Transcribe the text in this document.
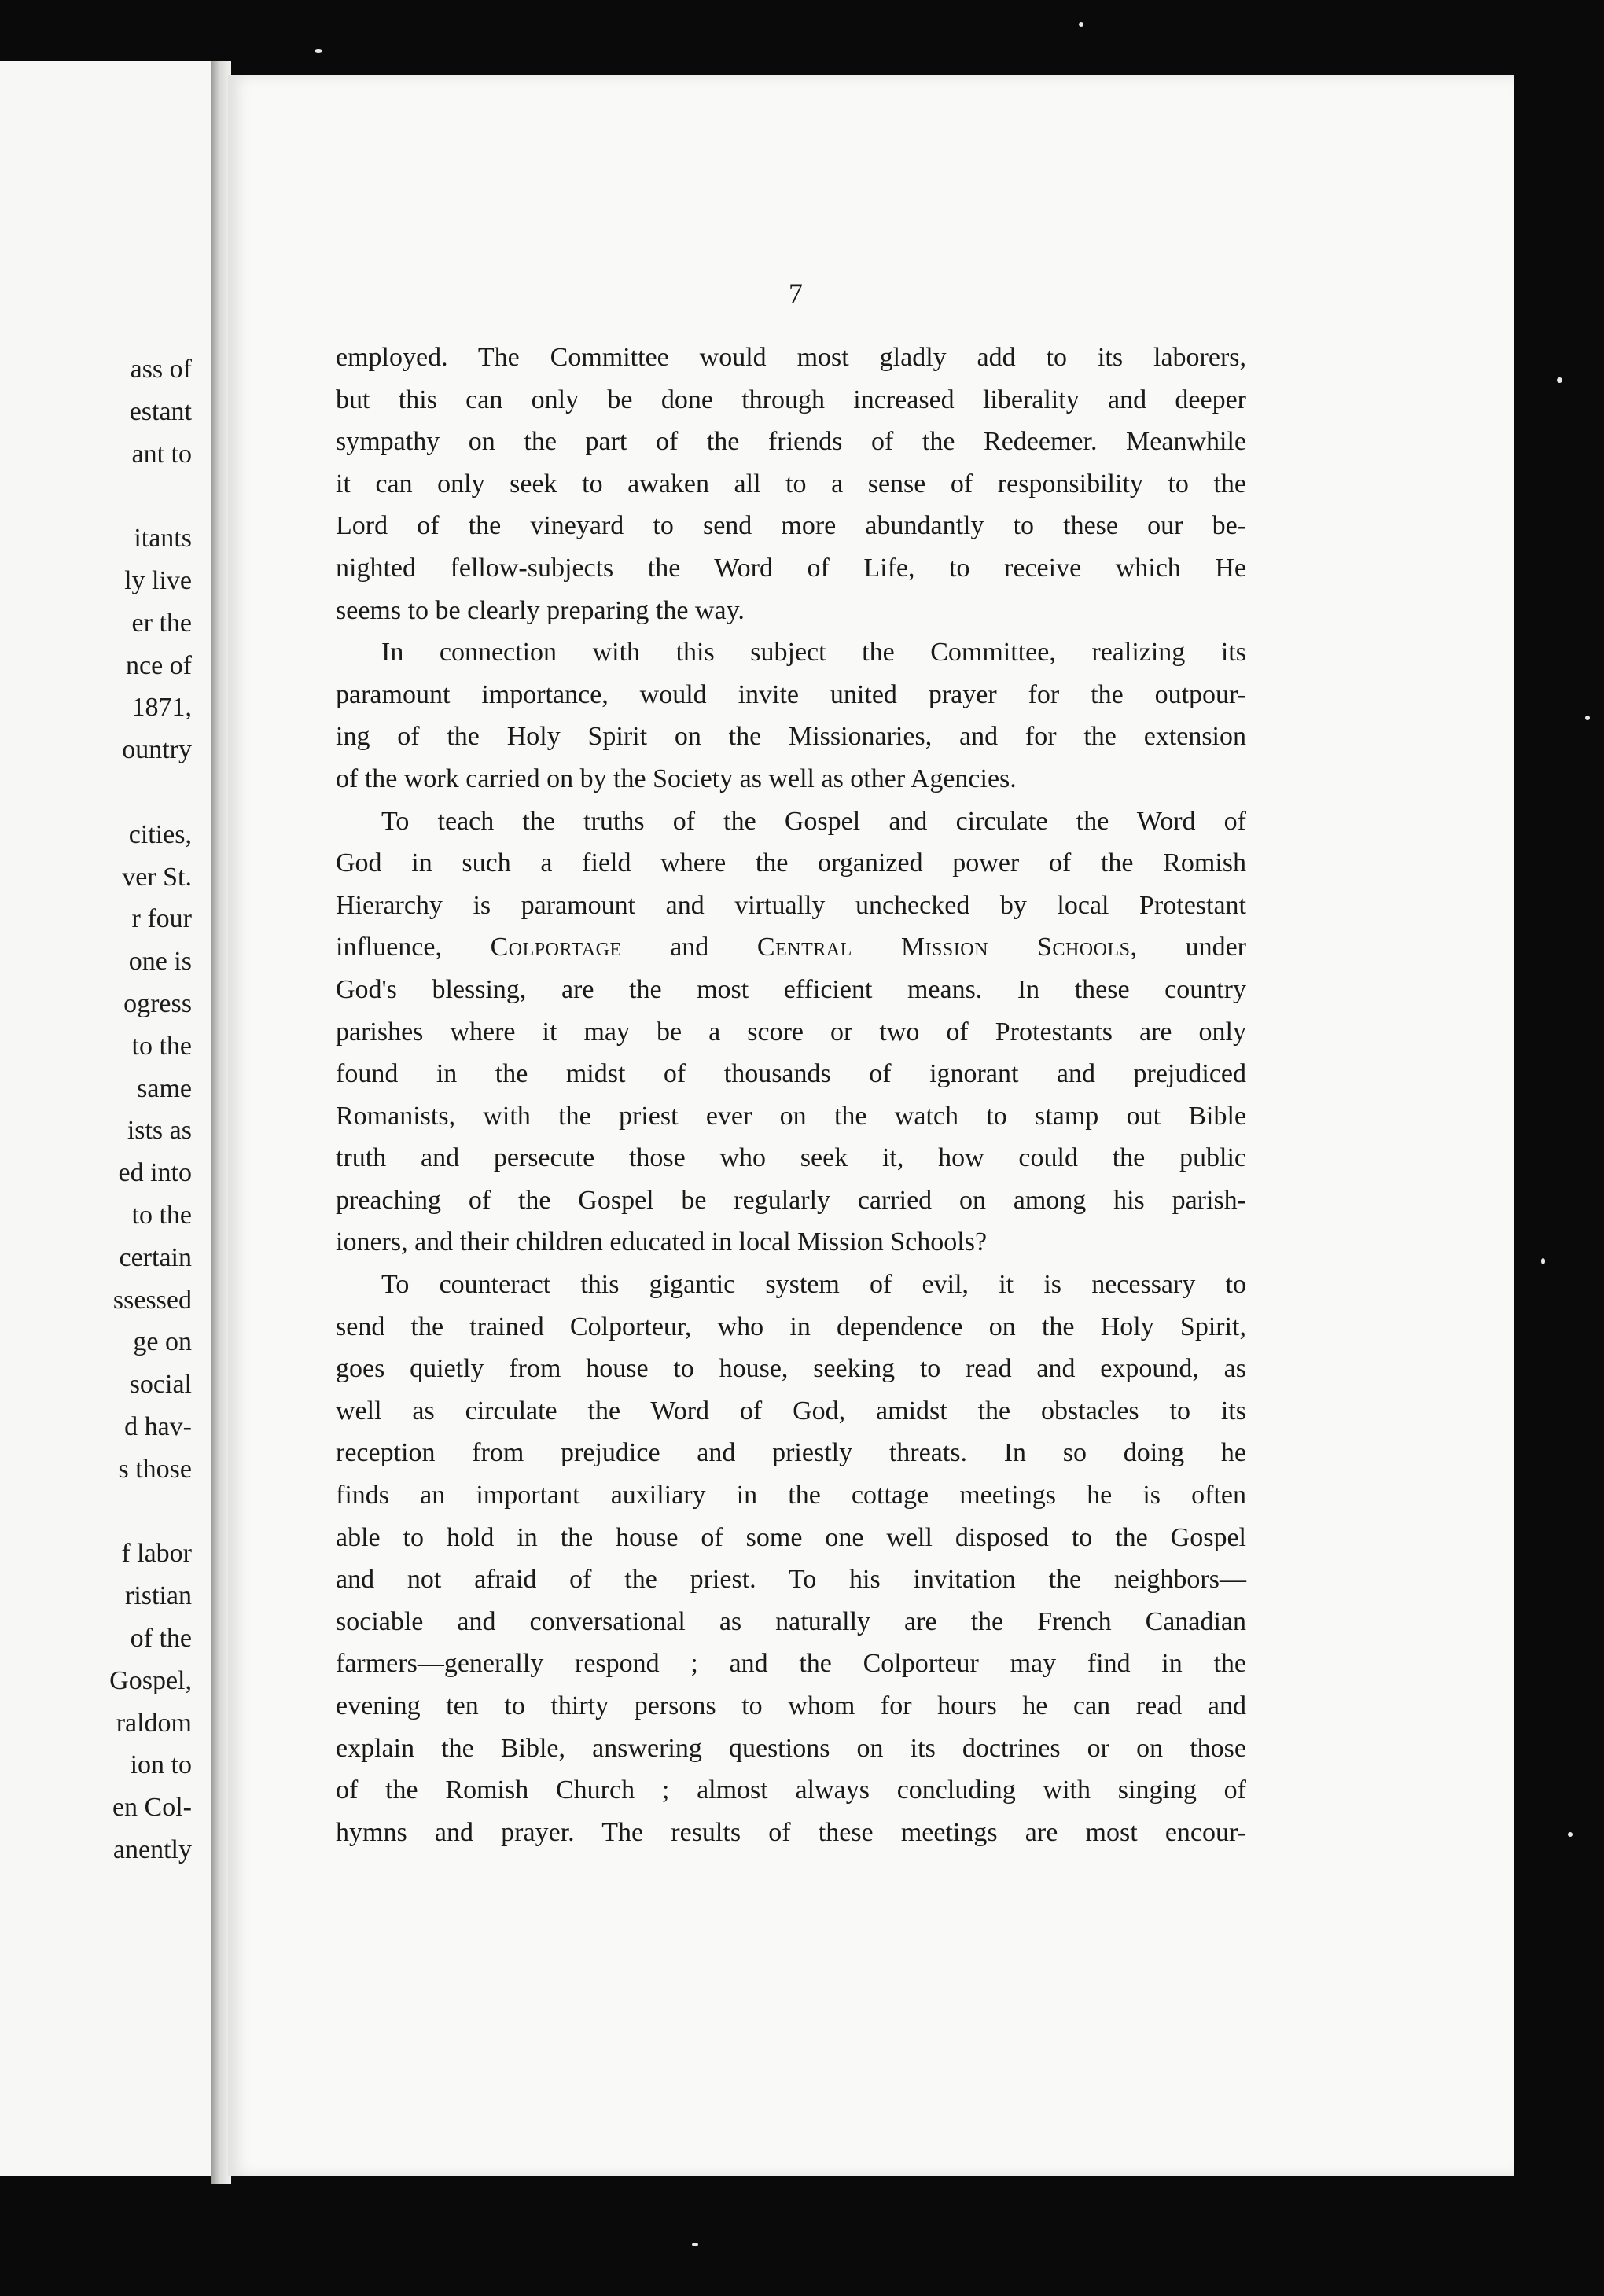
ass of
estant
ant to
itants
ly live
er the
nce of
1871,
ountry
cities,
ver St.
r four
one is
ogress
to the
same
ists as
ed into
to the
certain
ssessed
ge on
social
d hav-
s those
f labor
ristian
of the
Gospel,
raldom
ion to
en Col-
anently
7
employed. The Committee would most gladly add to its laborers,
but this can only be done through increased liberality and deeper
sympathy on the part of the friends of the Redeemer. Meanwhile
it can only seek to awaken all to a sense of responsibility to the
Lord of the vineyard to send more abundantly to these our be-
nighted fellow-subjects the Word of Life, to receive which He
seems to be clearly preparing the way.
In connection with this subject the Committee, realizing its
paramount importance, would invite united prayer for the outpour-
ing of the Holy Spirit on the Missionaries, and for the extension
of the work carried on by the Society as well as other Agencies.
To teach the truths of the Gospel and circulate the Word of
God in such a field where the organized power of the Romish
Hierarchy is paramount and virtually unchecked by local Protestant
influence, Colportage and Central Mission Schools, under
God's blessing, are the most efficient means. In these country
parishes where it may be a score or two of Protestants are only
found in the midst of thousands of ignorant and prejudiced
Romanists, with the priest ever on the watch to stamp out Bible
truth and persecute those who seek it, how could the public
preaching of the Gospel be regularly carried on among his parish-
ioners, and their children educated in local Mission Schools?
To counteract this gigantic system of evil, it is necessary to
send the trained Colporteur, who in dependence on the Holy Spirit,
goes quietly from house to house, seeking to read and expound, as
well as circulate the Word of God, amidst the obstacles to its
reception from prejudice and priestly threats. In so doing he
finds an important auxiliary in the cottage meetings he is often
able to hold in the house of some one well disposed to the Gospel
and not afraid of the priest. To his invitation the neighbors—
sociable and conversational as naturally are the French Canadian
farmers—generally respond ; and the Colporteur may find in the
evening ten to thirty persons to whom for hours he can read and
explain the Bible, answering questions on its doctrines or on those
of the Romish Church ; almost always concluding with singing of
hymns and prayer. The results of these meetings are most encour-
